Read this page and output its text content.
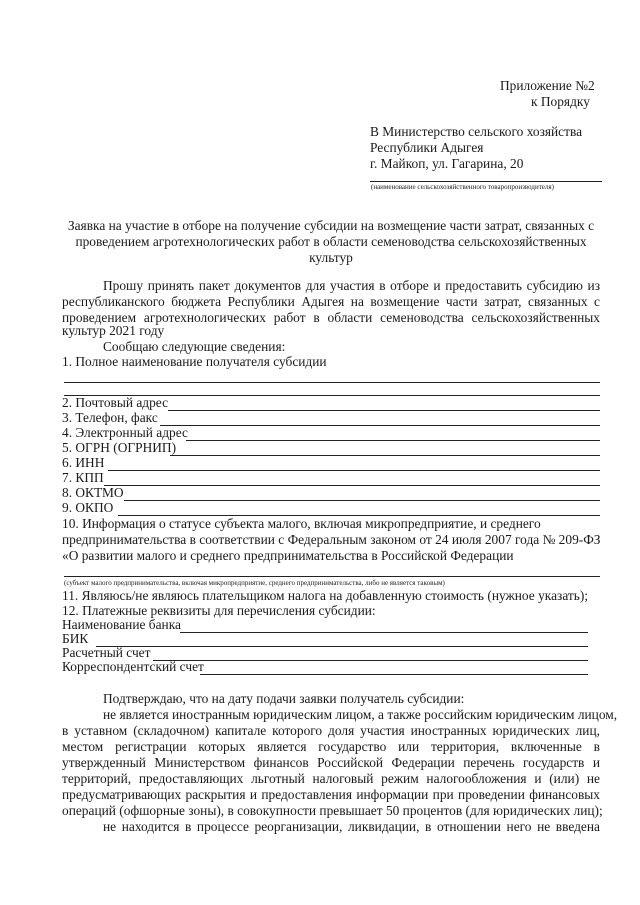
Приложение №2
к Порядку
В Министерство сельского хозяйства
Республики Адыгея
г. Майкоп, ул. Гагарина, 20
(наименование сельскохозяйственного товаропроизводителя)
Заявка на участие в отборе на получение субсидии на возмещение части затрат, связанных с
проведением агротехнологических работ в области семеноводства сельскохозяйственных
культур
Прошу принять пакет документов для участия в отборе и предоставить субсидию из
республиканского бюджета Республики Адыгея на возмещение части затрат, связанных с
проведением агротехнологических работ в области семеноводства сельскохозяйственных
культур 2021 году
Сообщаю следующие сведения:
1. Полное наименование получателя субсидии
2. Почтовый адрес
3. Телефон, факс
4. Электронный адрес
5. ОГРН (ОГРНИП)
6. ИНН
7. КПП
8. ОКТМО
9. ОКПО
10. Информация о статусе субъекта малого, включая микропредприятие, и среднего
предпринимательства в соответствии с Федеральным законом от 24 июля 2007 года № 209-ФЗ
«О развитии малого и среднего предпринимательства в Российской Федерации
(субъект малого предпринимательства, включая микропредприятие, среднего предпринимательства, либо не является таковым)
11. Являюсь/не являюсь плательщиком налога на добавленную стоимость (нужное указать);
12. Платежные реквизиты для перечисления субсидии:
Наименование банка
БИК
Расчетный счет
Корреспондентский счет
Подтверждаю, что на дату подачи заявки получатель субсидии:
не является иностранным юридическим лицом, а также российским юридическим лицом,
в уставном (складочном) капитале которого доля участия иностранных юридических лиц,
местом регистрации которых является государство или территория, включенные в
утвержденный Министерством финансов Российской Федерации перечень государств и
территорий, предоставляющих льготный налоговый режим налогообложения и (или) не
предусматривающих раскрытия и предоставления информации при проведении финансовых
операций (офшорные зоны), в совокупности превышает 50 процентов (для юридических лиц);
не находится в процессе реорганизации, ликвидации, в отношении него не введена
